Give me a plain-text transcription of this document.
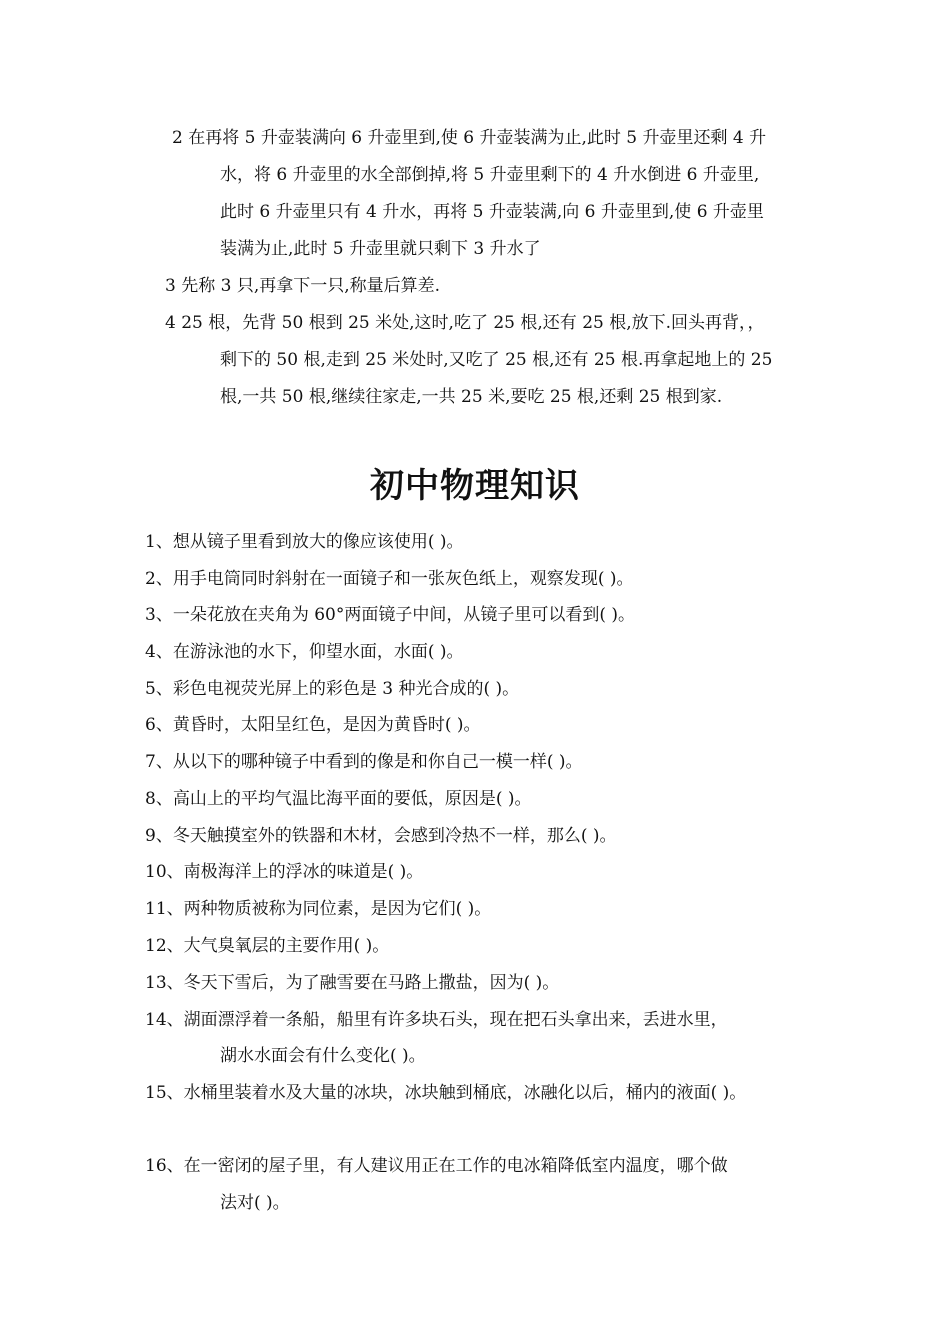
2 在再将 5 升壶装满向 6 升壶里到,使 6 升壶装满为止,此时 5 升壶里还剩 4 升
水，将 6 升壶里的水全部倒掉,将 5 升壶里剩下的 4 升水倒进 6 升壶里,
此时 6 升壶里只有 4 升水，再将 5 升壶装满,向 6 升壶里到,使 6 升壶里
装满为止,此时 5 升壶里就只剩下 3 升水了
3 先称 3 只,再拿下一只,称量后算差.
4 25 根，先背 50 根到 25 米处,这时,吃了 25 根,还有 25 根,放下.回头再背，，
剩下的 50 根,走到 25 米处时,又吃了 25 根,还有 25 根.再拿起地上的 25
根,一共 50 根,继续往家走,一共 25 米,要吃 25 根,还剩 25 根到家.
初中物理知识
1、想从镜子里看到放大的像应该使用( )。
2、用手电筒同时斜射在一面镜子和一张灰色纸上，观察发现( )。
3、一朵花放在夹角为 60°两面镜子中间，从镜子里可以看到( )。
4、在游泳池的水下，仰望水面，水面( )。
5、彩色电视荧光屏上的彩色是 3 种光合成的( )。
6、黄昏时，太阳呈红色，是因为黄昏时( )。
7、从以下的哪种镜子中看到的像是和你自己一模一样( )。
8、高山上的平均气温比海平面的要低，原因是( )。
9、冬天触摸室外的铁器和木材，会感到冷热不一样，那么( )。
10、南极海洋上的浮冰的味道是( )。
11、两种物质被称为同位素，是因为它们( )。
12、大气臭氧层的主要作用( )。
13、冬天下雪后，为了融雪要在马路上撒盐，因为( )。
14、湖面漂浮着一条船，船里有许多块石头，现在把石头拿出来，丢进水里，
湖水水面会有什么变化( )。
15、水桶里装着水及大量的冰块，冰块触到桶底，冰融化以后，桶内的液面( )。
16、在一密闭的屋子里，有人建议用正在工作的电冰箱降低室内温度，哪个做
法对( )。
